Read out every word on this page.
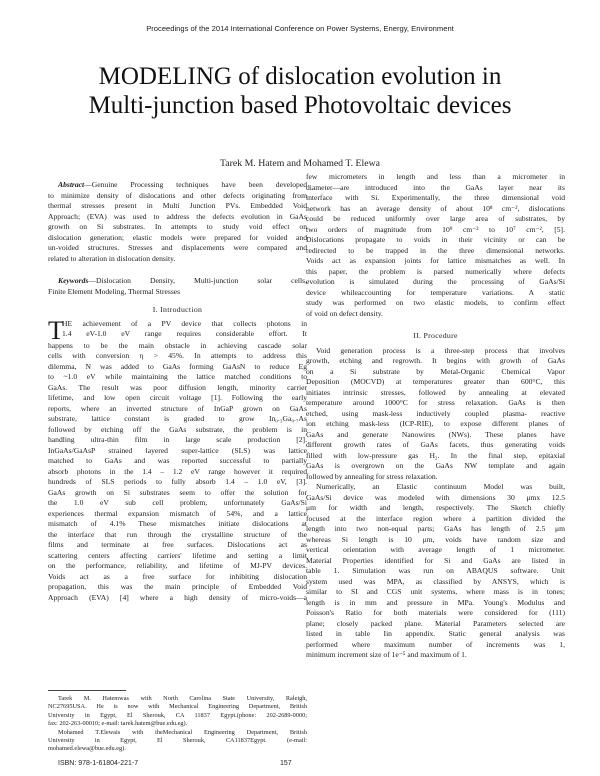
Proceedings of the 2014 International Conference on Power Systems, Energy, Environment
MODELING of dislocation evolution in
Multi-junction based Photovoltaic devices
Tarek M. Hatem and Mohamed T. Elewa
Abstract—Genuine Processing techniques have been developed
to minimize density of dislocations and other defects originating from
thermal stresses present in Multi Junction PVs. Embedded Void
Approach; (EVA) was used to address the defects evolution in GaAs
growth on Si substrates. In attempts to study void effect on
dislocation generation; elastic models were prepared for voided and
un-voided structures. Stresses and displacements were compared and
related to alteration in dislocation density.
Keywords—Dislocation Density, Multi-junction solar cells,
Finite Element Modeling, Thermal Stresses
I. Introduction
T
HE achievement of a PV device that collects photons in
1.4 eV-1.0 eV range requires considerable effort. It
happens to be the main obstacle in achieving cascade solar
cells with conversion η > 45%. In attempts to address this
dilemma, N was added to GaAs forming GaAsN to reduce Eg
to ~1.0 eV while maintaining the lattice matched conditions to
GaAs. The result was poor diffusion length, minority carrier
lifetime, and low open circuit voltage [1]. Following the early
reports, where an inverted structure of InGaP grown on GaAs
substrate, lattice constant is graded to grow In₀.₃Ga₀.₇As
followed by etching off the GaAs substrate, the problem is in
handling ultra-thin film in large scale production [2].
InGaAs/GaAsP strained layered super-lattice (SLS) was lattice
matched to GaAs and was reported successful to partially
absorb photons in the 1.4 – 1.2 eV range however it required
hundreds of SLS periods to fully absorb 1.4 – 1.0 eV, [3].
GaAs growth on Si substrates seem to offer the solution for
the 1.0 eV sub cell problem, unfortunately GaAs/Si
experiences thermal expansion mismatch of 54%, and a lattice
mismatch of 4.1% These mismatches initiate dislocations at
the interface that run through the crystalline structure of the
films and terminate at free surfaces. Dislocations act as
scattering centers affecting carriers' lifetime and setting a limit
on the performance, reliability, and lifetime of MJ-PV devices.
Voids act as a free surface for inhibiting dislocation
propagation, this was the main principle of Embedded Void
Approach (EVA) [4] where a high density of micro-voids—a
Tarek M. Hatemwas with North Carolina State University, Raleigh,
NC27695USA. He is now with Mechanical Engineering Department, British
University in Egypt, El Sherouk, CA 11837 Egypt.(phone: 202-2689-0000;
fax: 202-263-00010; e-mail: tarek.hatem@bue.edu.eg).
Mohamed T.Elewais with theMechanical Engineering Department, British
University in Egypt, El Sherouk, CA11837Egypt. (e-mail:
mohamed.elewa@bue.edu.eg).
few micrometers in length and less than a micrometer in
diameter—are introduced into the GaAs layer near its
interface with Si. Experimentally, the three dimensional void
network has an average density of about 10⁸ cm⁻², dislocations
could be reduced uniformly over large area of substrates, by
two orders of magnitude from 10⁹ cm⁻² to 10⁷ cm⁻², [5].
Dislocations propagate to voids in their vicinity or can be
redirected to be trapped in the three dimensional networks.
Voids act as expansion joints for lattice mismatches as well. In
this paper, the problem is parsed numerically where defects
evolution is simulated during the processing of GaAs/Si
device whileaccounting for temperature variations. A static
study was performed on two elastic models, to confirm effect
of void on defect density.
II. Procedure
Void generation process is a three-step process that involves
growth, etching and regrowth. It begins with growth of GaAs
on a Si substrate by Metal-Organic Chemical Vapor
Deposition (MOCVD) at temperatures greater than 600°C, this
initiates intrinsic stresses, followed by annealing at elevated
temperature around 1000°C for stress relaxation. GaAs is then
etched, using mask-less inductively coupled plasma- reactive
ion etching mask-less (ICP-RIE), to expose different planes of
GaAs and generate Nanowires (NWs). These planes have
different growth rates of GaAs facets, thus generating voids
filled with low-pressure gas H₂. In the final step, epitaxial
GaAs is overgrown on the GaAs NW template and again
followed by annealing for stress relaxation.
Numerically, an Elastic continuum Model was built,
GaAs/Si device was modeled with dimensions 30 μmx 12.5
μm for width and length, respectively. The Sketch chiefly
focused at the interface region where a partition divided the
length into two non-equal parts; GaAs has length of 2.5 μm
whereas Si length is 10 μm, voids have random size and
vertical orientation with average length of 1 micrometer.
Material Properties identified for Si and GaAs are listed in
table 1. Simulation was run on ABAQUS software. Unit
system used was MPA, as classified by ANSYS, which is
similar to SI and CGS unit systems, where mass is in tones;
length is in mm and pressure in MPa. Young's Modulus and
Poisson's Ratio for both materials were considered for (111)
plane; closely packed plane. Material Parameters selected are
listed in table Iin appendix. Static general analysis was
performed where maximum number of increments was 1,
minimum increment size of 1e⁻⁵ and maximum of 1.
ISBN: 978-1-61804-221-7	157
